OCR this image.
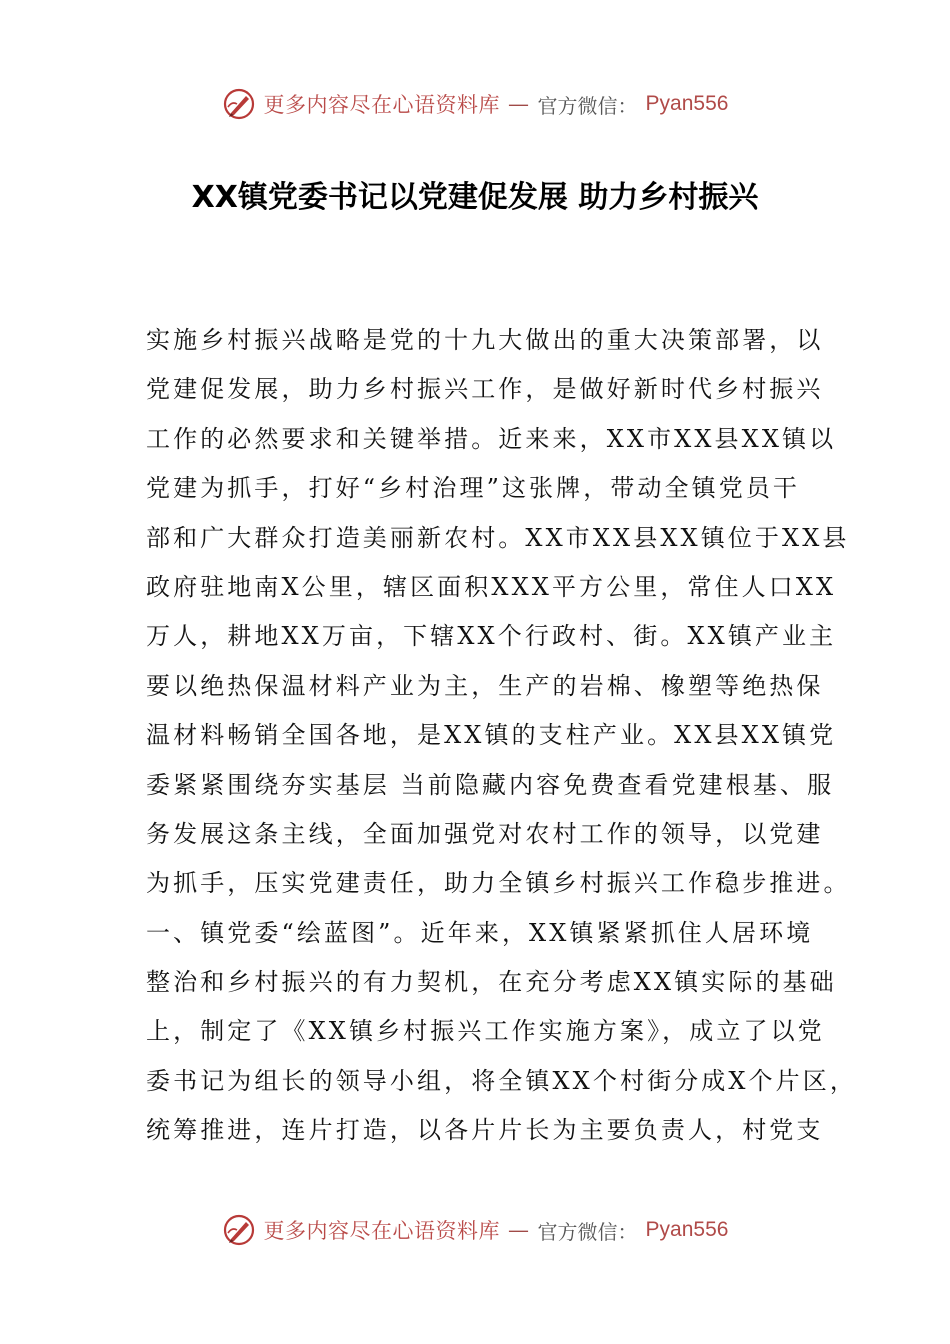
更多内容尽在心语资料库 — 官方微信： Pyan556
XX镇党委书记以党建促发展 助力乡村振兴
实施乡村振兴战略是党的十九大做出的重大决策部署，以
党建促发展，助力乡村振兴工作，是做好新时代乡村振兴
工作的必然要求和关键举措。近来来，XX市XX县XX镇以
党建为抓手，打好“乡村治理”这张牌，带动全镇党员干
部和广大群众打造美丽新农村。XX市XX县XX镇位于XX县
政府驻地南X公里，辖区面积XXX平方公里，常住人口XX
万人，耕地XX万亩，下辖XX个行政村、街。XX镇产业主
要以绝热保温材料产业为主，生产的岩棉、橡塑等绝热保
温材料畅销全国各地，是XX镇的支柱产业。XX县XX镇党
委紧紧围绕夯实基层 当前隐藏内容免费查看党建根基、服
务发展这条主线，全面加强党对农村工作的领导，以党建
为抓手，压实党建责任，助力全镇乡村振兴工作稳步推进。
一、镇党委“绘蓝图”。近年来，XX镇紧紧抓住人居环境
整治和乡村振兴的有力契机，在充分考虑XX镇实际的基础
上，制定了《XX镇乡村振兴工作实施方案》，成立了以党
委书记为组长的领导小组，将全镇XX个村街分成X个片区，
统筹推进，连片打造，以各片片长为主要负责人，村党支
更多内容尽在心语资料库 — 官方微信： Pyan556
